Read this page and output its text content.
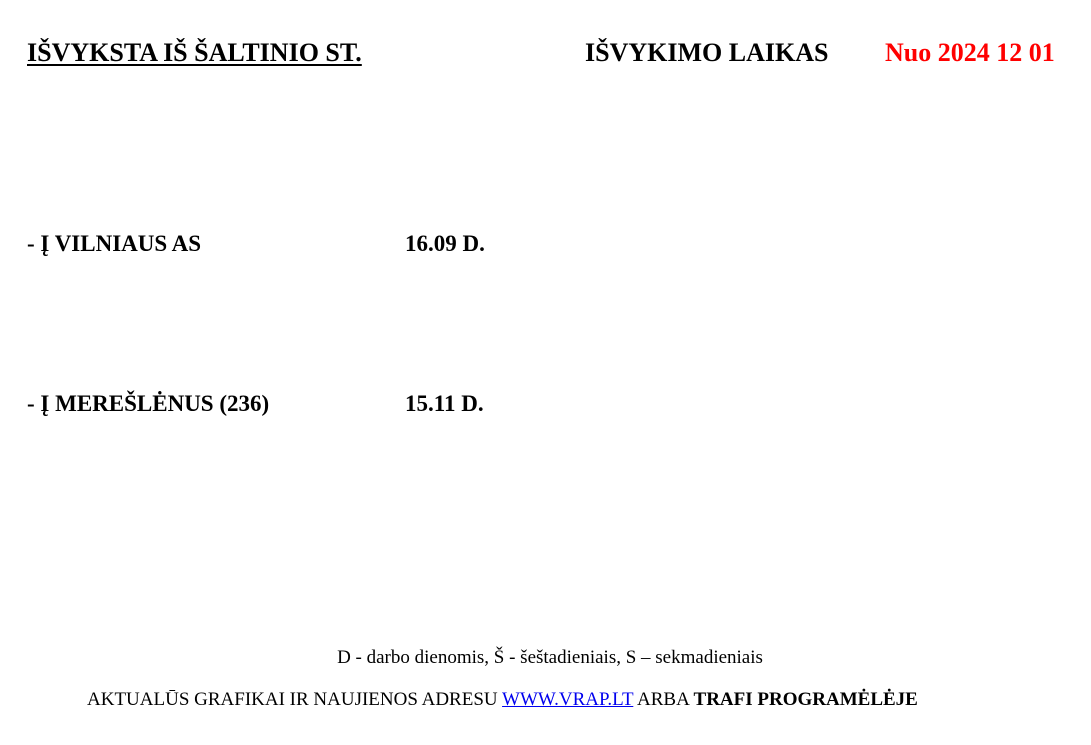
IŠVYKSTA IŠ ŠALTINIO ST.	IŠVYKIMO LAIKAS Nuo 2024 12 01
- Į VILNIAUS AS	16.09 D.
- Į MEREŠLĖNUS (236)	15.11 D.
D - darbo dienomis, Š - šeštadieniais, S – sekmadieniais
AKTUALŪS GRAFIKAI IR NAUJIENOS ADRESU WWW.VRAP.LT ARBA TRAFI PROGRAMĖLĖJE
